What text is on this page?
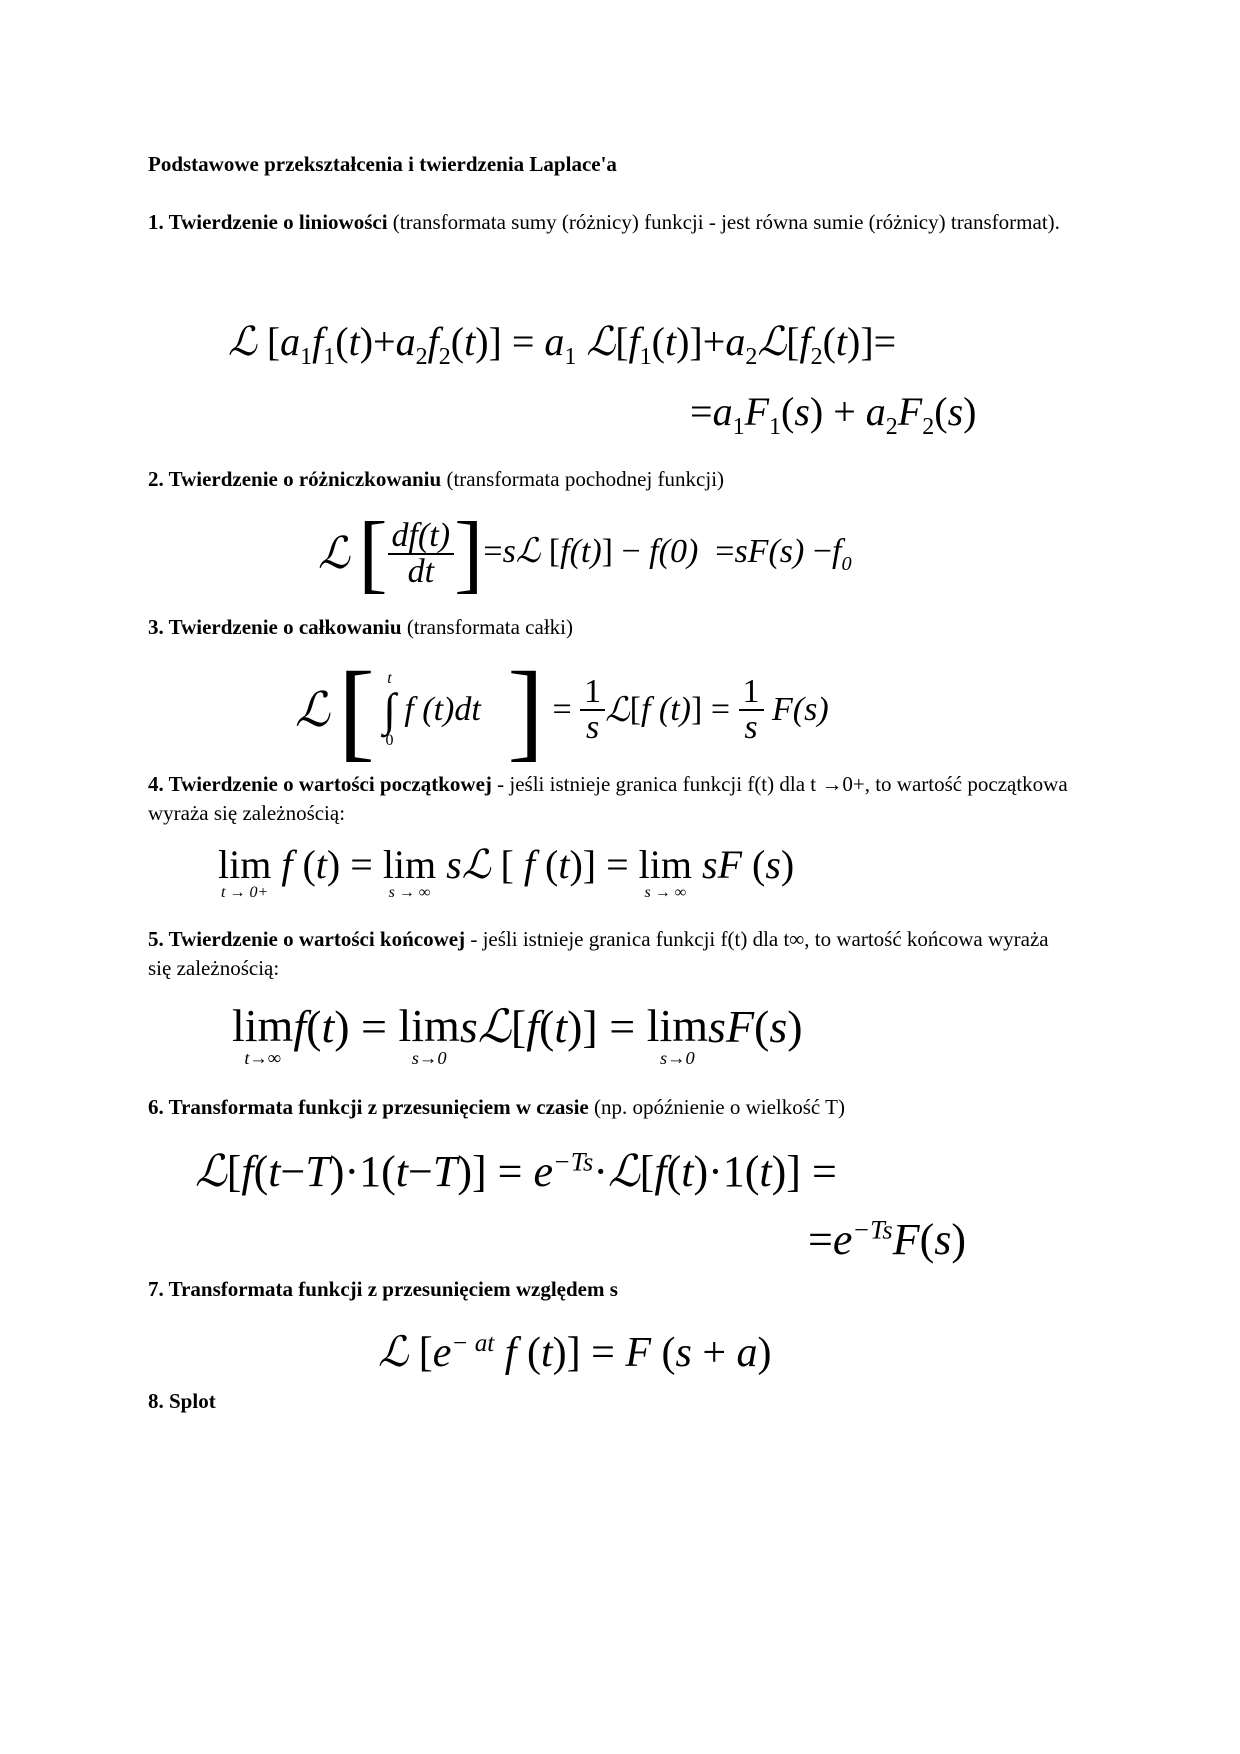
Podstawowe przekształcenia i twierdzenia Laplace'a
1. Twierdzenie o liniowości (transformata sumy (różnicy) funkcji - jest równa sumie (różnicy) transformat).
ℒ $[a_1f_1(t)+a_2f_2(t)] = a_1$ $ℒ[f_1(t)]+a_2ℒ[f_2(t)]=$
$=a_1F_1(s) + a_2F_2(s)$
2. Twierdzenie o różniczkowaniu (transformata pochodnej funkcji)
ℒ [ $\frac{df(t)}{dt}$ ]=sℒ $[f(t)] - f(0) =sF(s) -f_0$
3. Twierdzenie o całkowaniu (transformata całki)
ℒ [ t
∫
0
f (t)dt ] = $\frac{1}{s}$ ℒ[f $(t)] = \frac{1}{s} F(s)$
4. Twierdzenie o wartości początkowej - jeśli istnieje granica funkcji f(t) dla t →0+, to wartość początkowa wyraża się zależnością:
lim
t → 0+
f (t) = lim
s → ∞
sℒ [ f (t)] = lim
s → ∞
sF (s)
5. Twierdzenie o wartości końcowej - jeśli istnieje granica funkcji f(t) dla t∞, to wartość końcowa wyraża się zależnością:
lim
t→∞
f(t) = lim
s→0
sℒ[f(t)] = lim
s→0
sF(s)
6. Transformata funkcji z przesunięciem w czasie (np. opóźnienie o wielkość T)
ℒ[f(t−T)·1(t−T)] = $e^{-Ts}\cdot ℒ[f(t)\cdot 1(t)]$ =
$=e^{-Ts}F(s)$
7. Transformata funkcji z przesunięciem względem s
ℒ [$e^{- at}$ f (t)] = F (s + a)
8. Splot
